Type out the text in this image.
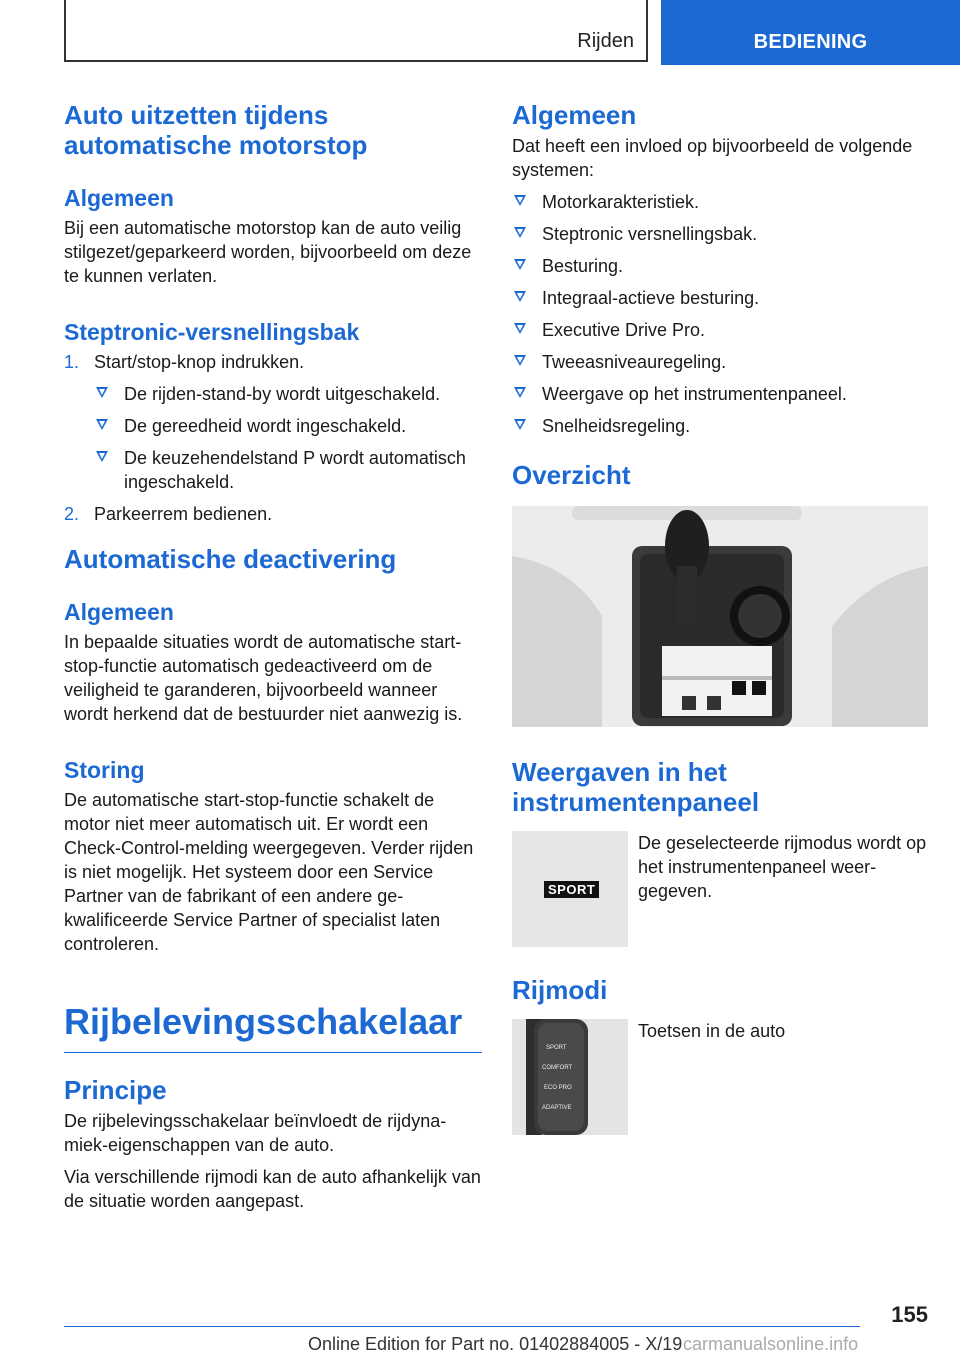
Rijden	BEDIENING
Auto uitzetten tijdens automatische motorstop
Algemeen

Bij een automatische motorstop kan de auto veilig stilgezet/geparkeerd worden, bijvoorbeeld om deze te kunnen verlaten.

Steptronic-versnellingsbak
1. Start/stop-knop indrukken.
De rijden-stand-by wordt uitgeschakeld.
De gereedheid wordt ingeschakeld.
De keuzehendelstand P wordt automatisch ingeschakeld.
2. Parkeerrem bedienen.
Automatische deactivering
Algemeen

In bepaalde situaties wordt de automatische start-stop-functie automatisch gedeactiveerd om de veiligheid te garanderen, bijvoorbeeld wanneer wordt herkend dat de bestuurder niet aanwezig is.

Storing

De automatische start-stop-functie schakelt de motor niet meer automatisch uit. Er wordt een Check-Control-melding weergegeven. Verder rijden is niet mogelijk. Het systeem door een Service Partner van de fabrikant of een andere gekwalificeerde Service Partner of specialist laten controleren.

Rijbelevingsschakelaar
Principe

De rijbelevingsschakelaar beïnvloedt de rijdynamiek-eigenschappen van de auto.

Via verschillende rijmodi kan de auto afhankelijk van de situatie worden aangepast.

Algemeen

Dat heeft een invloed op bijvoorbeeld de volgende systemen:

Motorkarakteristiek.
Steptronic versnellingsbak.
Besturing.
Integraal-actieve besturing.
Executive Drive Pro.
Tweeasniveauregeling.
Weergave op het instrumentenpaneel.
Snelheidsregeling.
Overzicht
Weergaven in het instrumentenpaneel
SPORT
De geselecteerde rijmodus wordt op het instrumentenpaneel weergegeven.
Rijmodi
SPORT
COMFORT
ECO PRO
ADAPTIVE
Toetsen in de auto
155
Online Edition for Part no. 01402884005 - X/19 carmanualsonline.info
